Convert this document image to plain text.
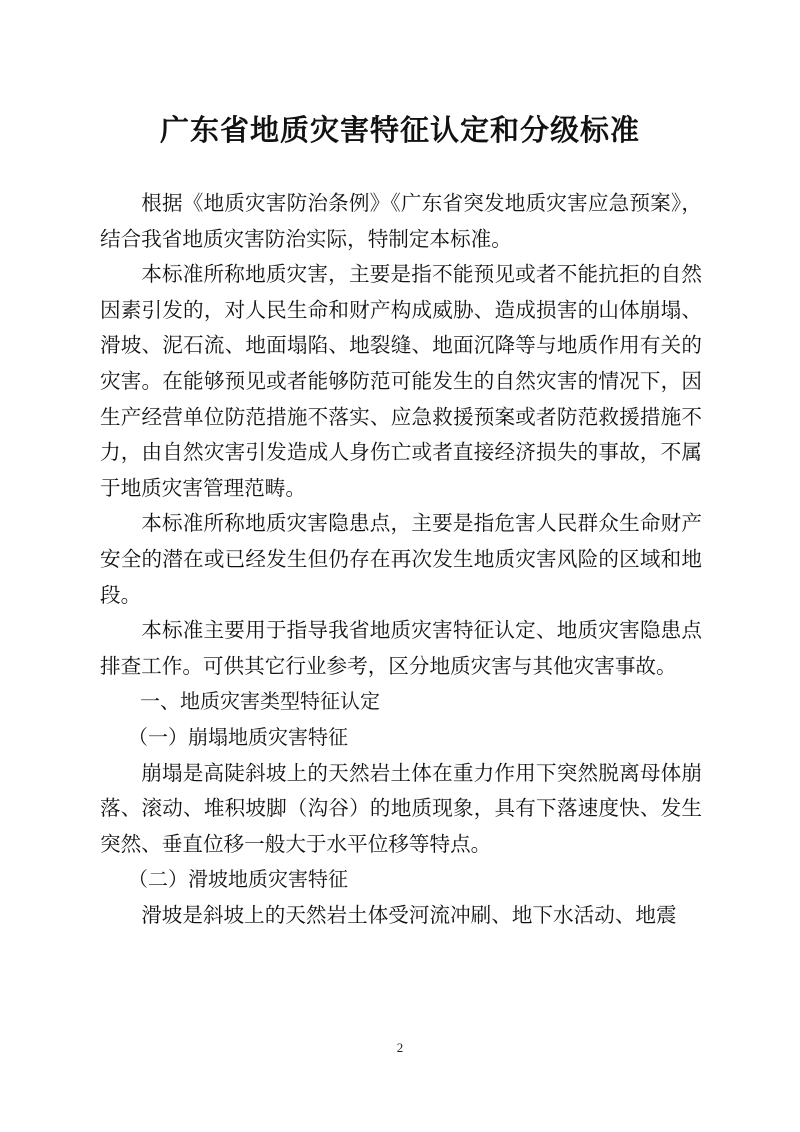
广东省地质灾害特征认定和分级标准

根据《地质灾害防治条例》《广东省突发地质灾害应急预案》，结合我省地质灾害防治实际，特制定本标准。

本标准所称地质灾害，主要是指不能预见或者不能抗拒的自然因素引发的，对人民生命和财产构成威胁、造成损害的山体崩塌、滑坡、泥石流、地面塌陷、地裂缝、地面沉降等与地质作用有关的灾害。在能够预见或者能够防范可能发生的自然灾害的情况下，因生产经营单位防范措施不落实、应急救援预案或者防范救援措施不力，由自然灾害引发造成人身伤亡或者直接经济损失的事故，不属于地质灾害管理范畴。

本标准所称地质灾害隐患点，主要是指危害人民群众生命财产安全的潜在或已经发生但仍存在再次发生地质灾害风险的区域和地段。

本标准主要用于指导我省地质灾害特征认定、地质灾害隐患点排查工作。可供其它行业参考，区分地质灾害与其他灾害事故。

一、地质灾害类型特征认定

（一）崩塌地质灾害特征

崩塌是高陡斜坡上的天然岩土体在重力作用下突然脱离母体崩落、滚动、堆积坡脚（沟谷）的地质现象，具有下落速度快、发生突然、垂直位移一般大于水平位移等特点。

（二）滑坡地质灾害特征

滑坡是斜坡上的天然岩土体受河流冲刷、地下水活动、地震

2
